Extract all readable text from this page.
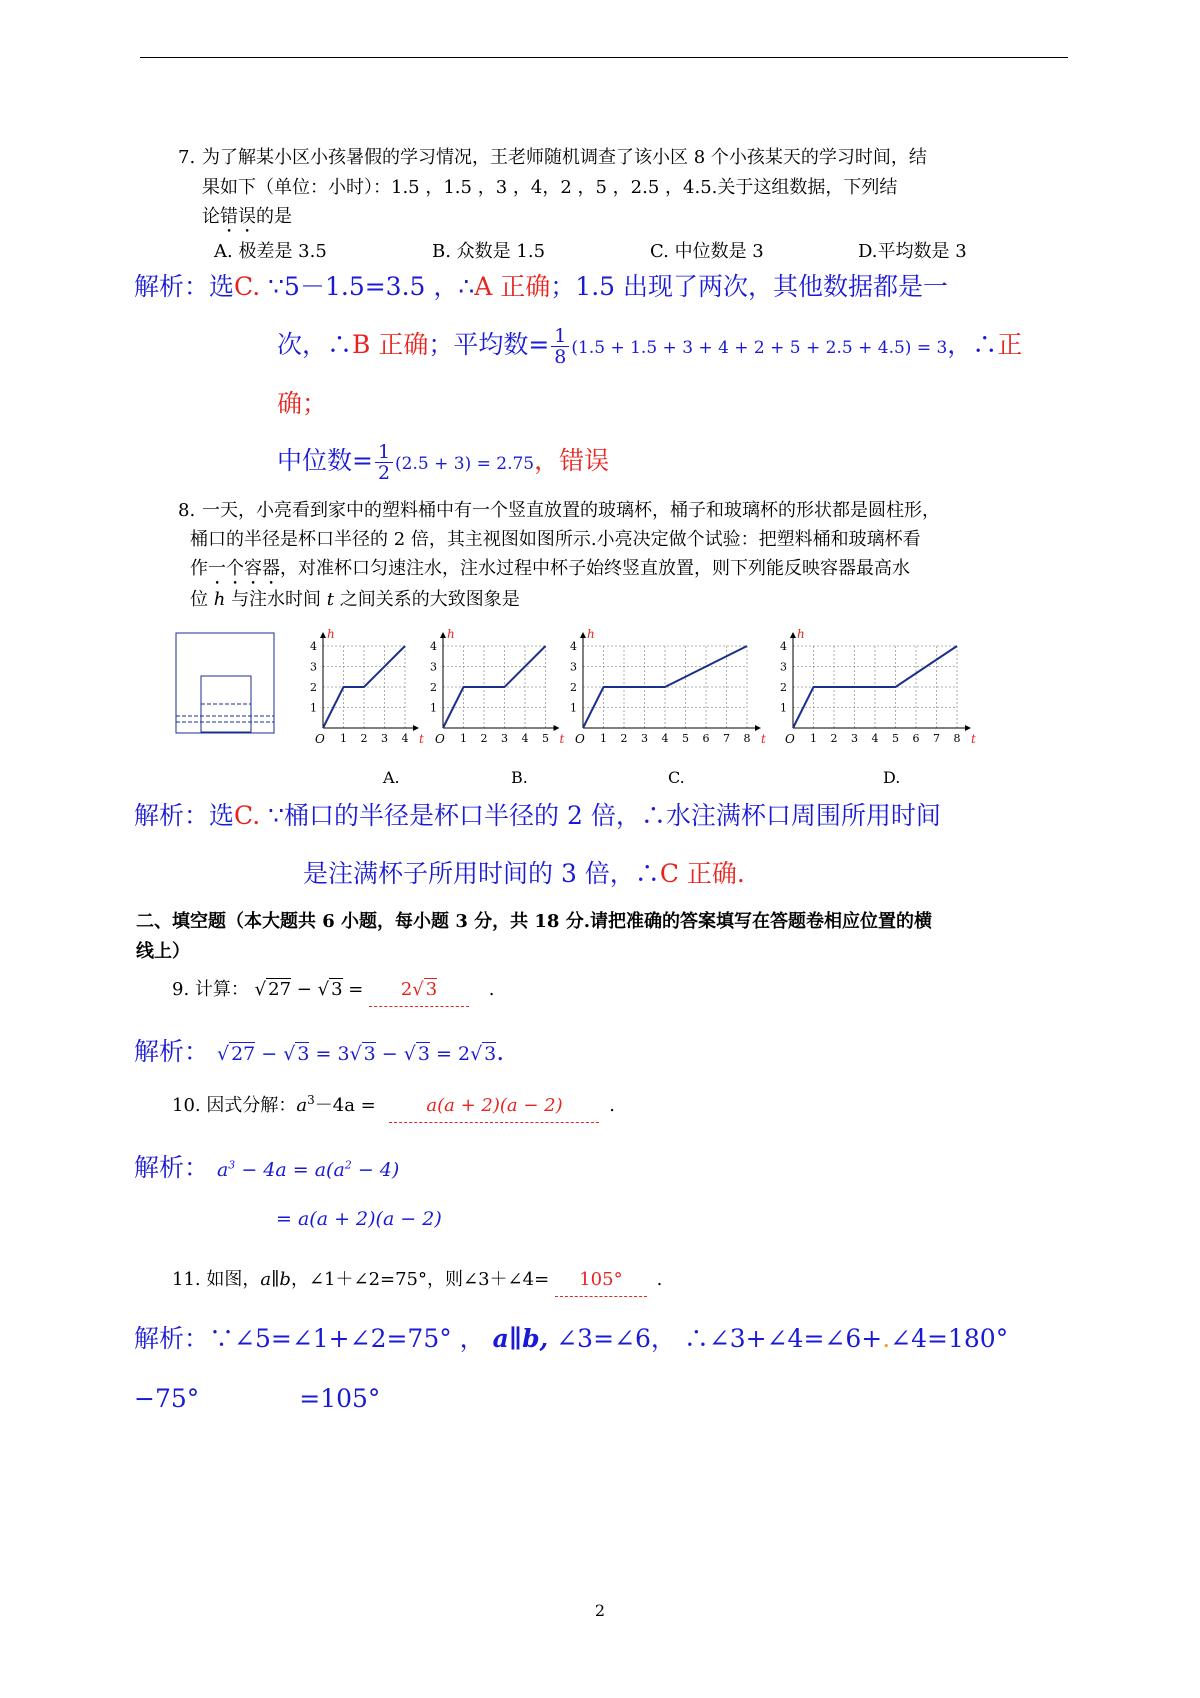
7. 为了解某小区小孩暑假的学习情况，王老师随机调查了该小区 8 个小孩某天的学习时间，结
果如下（单位：小时）：1.5 ，1.5 ，3 ，4，2 ，5 ，2.5 ，4.5.关于这组数据，下列结
论错误的是
A. 极差是 3.5	B. 众数是 1.5	C. 中位数是 3	D.平均数是 3
解析：选C. ∵5－1.5=3.5 ，∴A 正确；1.5 出现了两次，其他数据都是一
次，∴B 正确；平均数= $\frac{1}{8} (1.5 + 1.5 + 3 + 4 + 2 + 5 + 2.5 + 4.5) = 3$，∴正
确；
中位数= $\frac{1}{2} (2.5 + 3) = 2.75$，错误
8. 一天，小亮看到家中的塑料桶中有一个竖直放置的玻璃杯，桶子和玻璃杯的形状都是圆柱形，
桶口的半径是杯口半径的 2 倍，其主视图如图所示.小亮决定做个试验：把塑料桶和玻璃杯看
作一个容器，对准杯口匀速注水，注水过程中杯子始终竖直放置，则下列能反映容器最高水
位 h 与注水时间 t 之间关系的大致图象是
1 2 3 4
1
2
3
4
O	t
h
1 2 3 4 5
1
2
3
4
O	t
h
1 2 3 4 5 6 7 8
1
2
3
4
O	t
h
1 2 3 4 5 6 7 8
1
2
3
4
O	t
h
A.	B.	C.	D.
解析：选C. ∵桶口的半径是杯口半径的 2 倍，∴水注满杯口周围所用时间
是注满杯子所用时间的 3 倍，∴C 正确.
二、填空题（本大题共 6 小题，每小题 3 分，共 18 分.请把准确的答案填写在答题卷相应位置的横
线上）
9. 计算： √ 27 − √ 3 = 2√ 3	.
解析： √ 27 − √ 3 = 3√ 3 − √ 3 = 2√ 3.
10. 因式分解：$a^3-4a$ =	a(a + 2)(a − 2)	.
解析： $a^3 - 4a = a(a^2 - 4)$
= a(a + 2)(a − 2)
11. 如图，a∥b，∠1＋∠2=75°，则∠3＋∠4= 105° .
解析：∵∠5=∠1+∠2=75° ， a∥b, ∠3=∠6， ∴∠3+∠4=∠6+.∠4=180°
−75°	=105°
2
